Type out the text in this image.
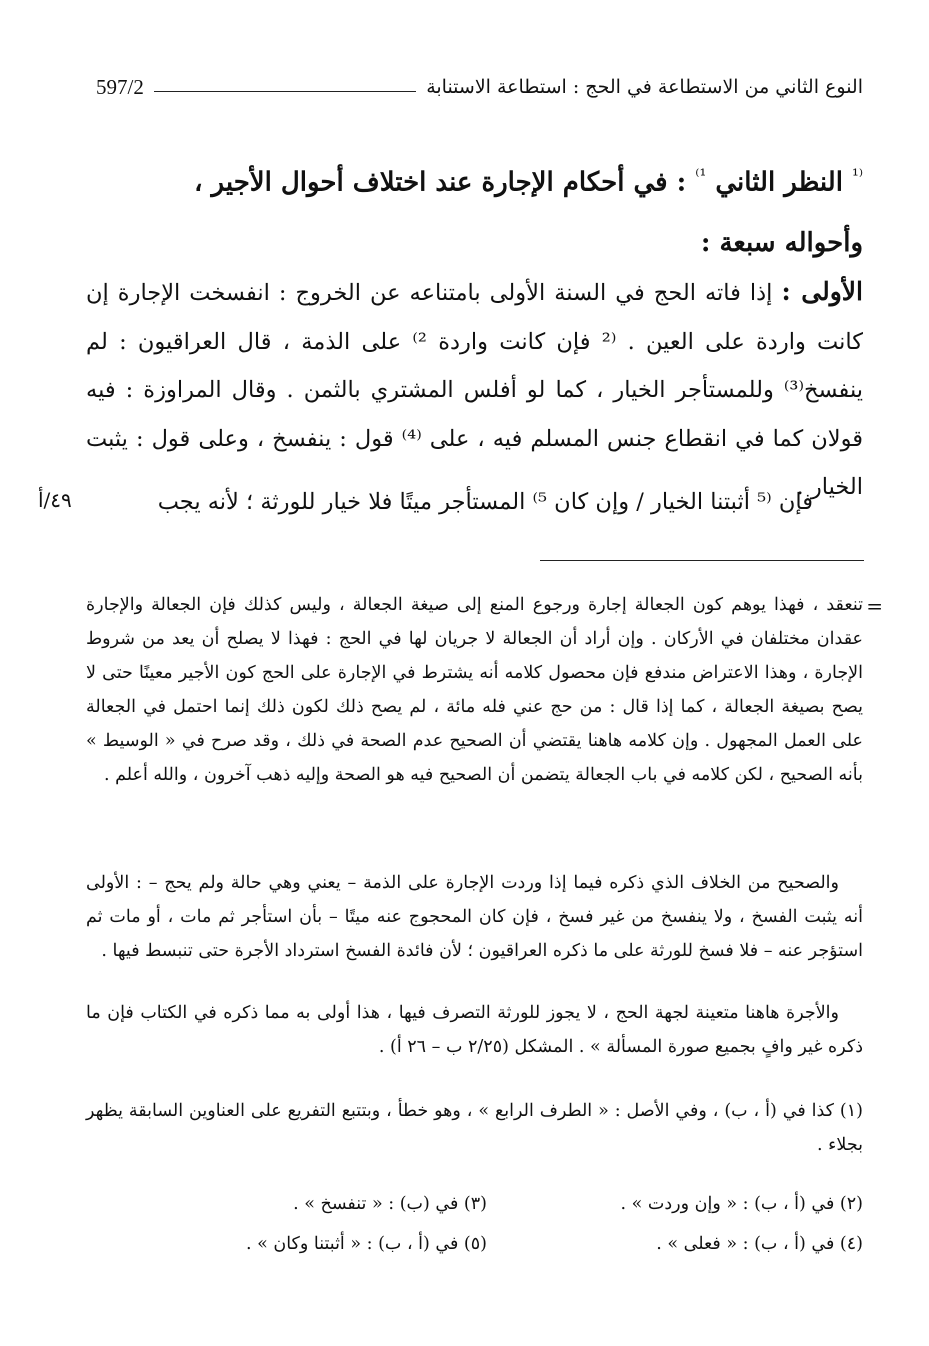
النوع الثاني من الاستطاعة في الحج : استطاعة الاستنابة
597/2
$^{^{(1}}$ النظر الثاني $^{^{1)}}$ : في أحكام الإجارة عند اختلاف أحوال الأجير ،
وأحواله سبعة :
الأولى : إذا فاته الحج في السنة الأولى بامتناعه عن الخروج : انفسخت الإجارة إن كانت واردة على العين . ⁽² فإن كانت واردة ²⁾ على الذمة ، قال العراقيون : لم ينفسخ⁽³⁾ وللمستأجر الخيار ، كما لو أفلس المشتري بالثمن . وقال المراوزة : فيه قولان كما في انقطاع جنس المسلم فيه ، على ⁽⁴⁾ قول : ينفسخ ، وعلى قول : يثبت الخيار .
فإن ⁽⁵ أثبتنا الخيار / وإن كان ⁵⁾ المستأجر ميتًا فلا خيار للورثة ؛ لأنه يجب
٤٩/أ
=
تنعقد ، فهذا يوهم كون الجعالة إجارة ورجوع المنع إلى صيغة الجعالة ، وليس كذلك فإن الجعالة والإجارة عقدان مختلفان في الأركان . وإن أراد أن الجعالة لا جريان لها في الحج : فهذا لا يصلح أن يعد من شروط الإجارة ، وهذا الاعتراض مندفع فإن محصول كلامه أنه يشترط في الإجارة على الحج كون الأجير معينًا حتى لا يصح بصيغة الجعالة ، كما إذا قال : من حج عني فله مائة ، لم يصح ذلك لكون ذلك إنما احتمل في الجعالة على العمل المجهول . وإن كلامه هاهنا يقتضي أن الصحيح عدم الصحة في ذلك ، وقد صرح في « الوسيط » بأنه الصحيح ، لكن كلامه في باب الجعالة يتضمن أن الصحيح فيه هو الصحة وإليه ذهب آخرون ، والله أعلم .
والصحيح من الخلاف الذي ذكره فيما إذا وردت الإجارة على الذمة – يعني وهي حالة ولم يحج – : الأولى أنه يثبت الفسخ ، ولا ينفسخ من غير فسخ ، فإن كان المحجوج عنه ميتًا – بأن استأجر ثم مات ، أو مات ثم استؤجر عنه – فلا فسخ للورثة على ما ذكره العراقيون ؛ لأن فائدة الفسخ استرداد الأجرة حتى تنبسط فيها .
والأجرة هاهنا متعينة لجهة الحج ، لا يجوز للورثة التصرف فيها ، هذا أولى به مما ذكره في الكتاب فإن ما ذكره غير وافٍ بجميع صورة المسألة » . المشكل (٢/٢٥ ب – ٢٦ أ) .
(١) كذا في (أ ، ب) ، وفي الأصل : « الطرف الرابع » ، وهو خطأ ، وبتتبع التفريع على العناوين السابقة يظهر بجلاء .
(٢) في (أ ، ب) : « وإن وردت » .
(٣) في (ب) : « تنفسخ » .
(٤) في (أ ، ب) : « فعلى » .
(٥) في (أ ، ب) : « أثبتنا وكان » .
